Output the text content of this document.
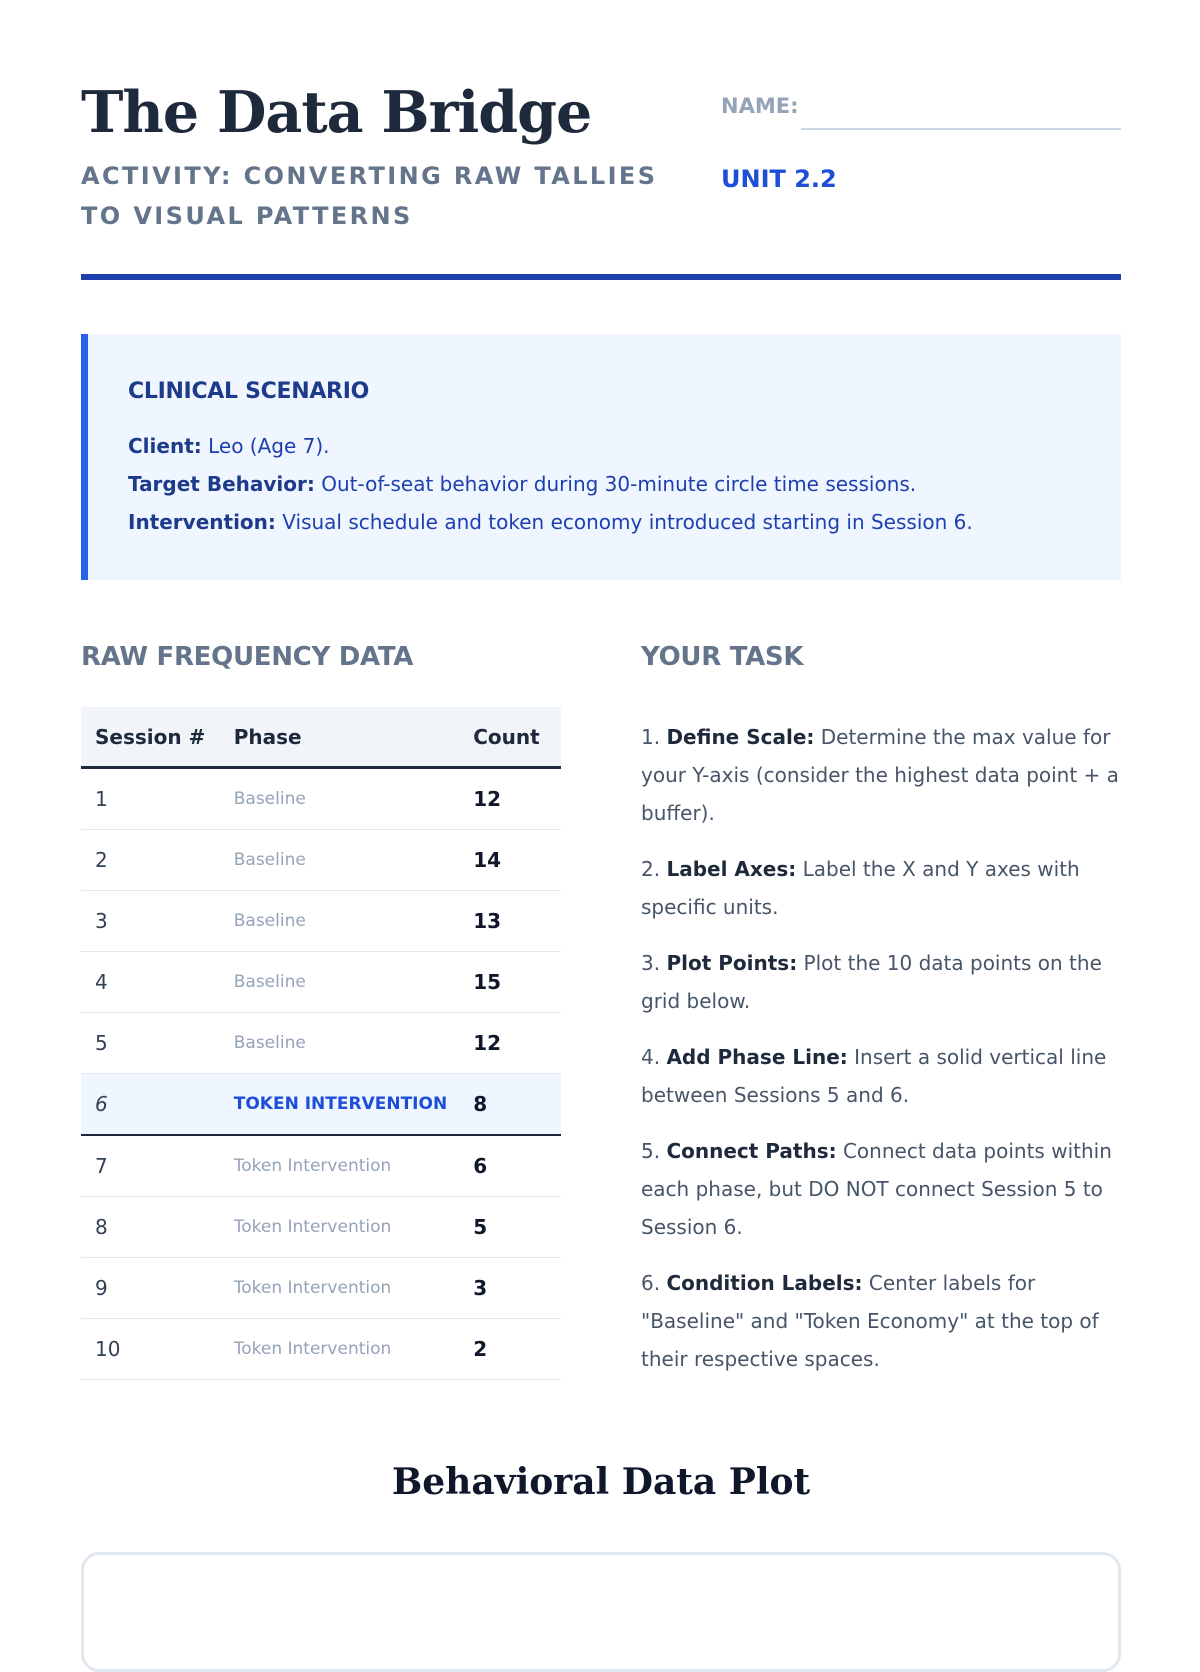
The Data Bridge

ACTIVITY: CONVERTING RAW TALLIES TO VISUAL PATTERNS

NAME:
UNIT 2.2
CLINICAL SCENARIO

Client: Leo (Age 7).

Target Behavior: Out-of-seat behavior during 30-minute circle time sessions.

Intervention: Visual schedule and token economy introduced starting in Session 6.

RAW FREQUENCY DATA
Session #	Phase	Count
1	Baseline	12
2	Baseline	14
3	Baseline	13
4	Baseline	15
5	Baseline	12
6	TOKEN INTERVENTION	8
7	Token Intervention	6
8	Token Intervention	5
9	Token Intervention	3
10	Token Intervention	2
YOUR TASK
1. Define Scale: Determine the max value for your Y-axis (consider the highest data point + a buffer).
2. Label Axes: Label the X and Y axes with specific units.
3. Plot Points: Plot the 10 data points on the grid below.
4. Add Phase Line: Insert a solid vertical line between Sessions 5 and 6.
5. Connect Paths: Connect data points within each phase, but DO NOT connect Session 5 to Session 6.
6. Condition Labels: Center labels for "Baseline" and "Token Economy" at the top of their respective spaces.
Behavioral Data Plot
